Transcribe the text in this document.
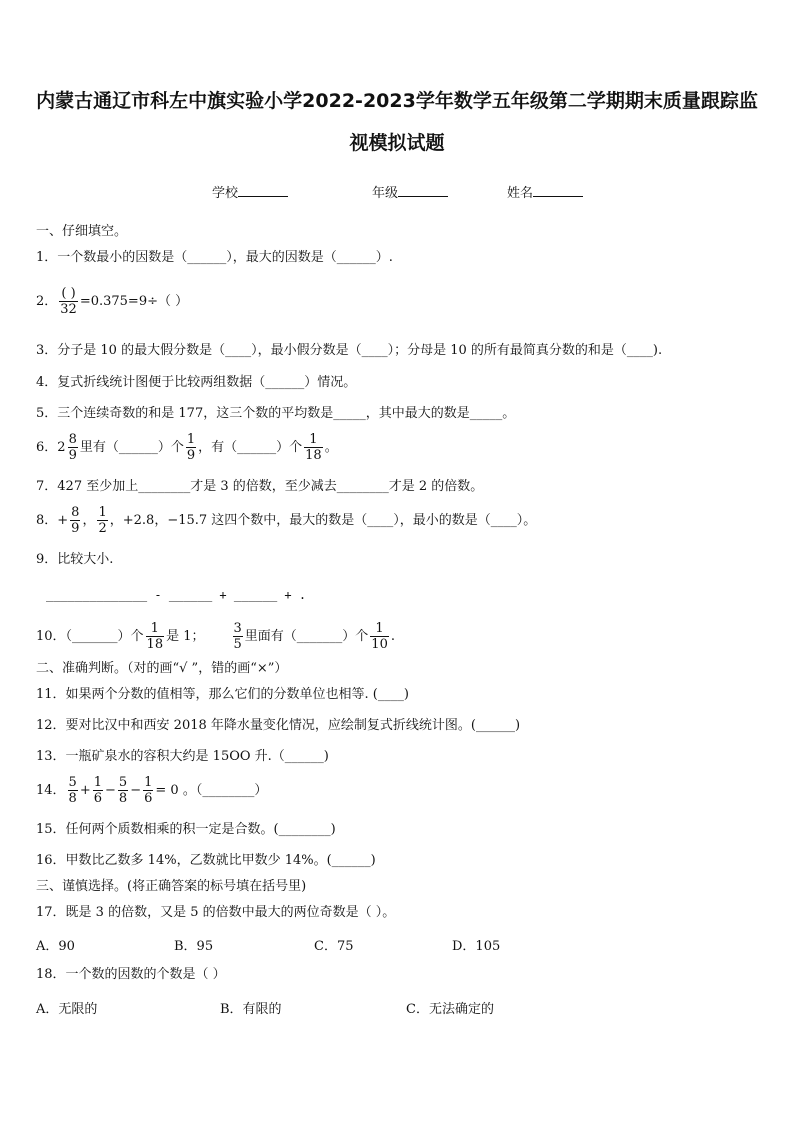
内蒙古通辽市科左中旗实验小学2022-2023学年数学五年级第二学期期末质量跟踪监
视模拟试题
学校	年级	姓名
一、仔细填空。
1．一个数最小的因数是（______），最大的因数是（______）.
2． $\frac{( )}{32} =0.375=9\div$（ ）
3．分子是 10 的最大假分数是（____），最小假分数是（____）；分母是 10 的所有最简真分数的和是（____).
4．复式折线统计图便于比较两组数据（______）情况。
5．三个连续奇数的和是 177，这三个数的平均数是_____，其中最大的数是_____。
6．$2 \frac{8}{9}$ 里有（______）个 $\frac{1}{9}$ ，有（______）个 $\frac{1}{18}$ 。
7．427 至少加上________才是 3 的倍数，至少减去________才是 2 的倍数。
8．+ $\frac{8}{9}$ ， $\frac{1}{2}$ ，+2.8，−15.7 这四个数中，最大的数是（____），最小的数是（____）。
9．比较大小.
______________ - ______ + ______ + .
10．（_______）个 $\frac{1}{18}$ 是 1； $\frac{3}{5}$ 里面有（_______）个 $\frac{1}{10}$ .
二、准确判断。（对的画“√ ”，错的画“×”）
11．如果两个分数的值相等，那么它们的分数单位也相等. (____)
12．要对比汉中和西安 2018 年降水量变化情况，应绘制复式折线统计图。(______)
13．一瓶矿泉水的容积大约是 15OO 升.（______)
14． $\frac{5}{8} + \frac{1}{6} - \frac{5}{8} - \frac{1}{6} = 0$ 。（________）
15．任何两个质数相乘的积一定是合数。(________)
16．甲数比乙数多 14%，乙数就比甲数少 14%。(______)
三、谨慎选择。(将正确答案的标号填在括号里)
17．既是 3 的倍数，又是 5 的倍数中最大的两位奇数是（ ）。
A．90	B．95	C．75	D．105
18．一个数的因数的个数是（ ）
A．无限的	B．有限的	C．无法确定的
